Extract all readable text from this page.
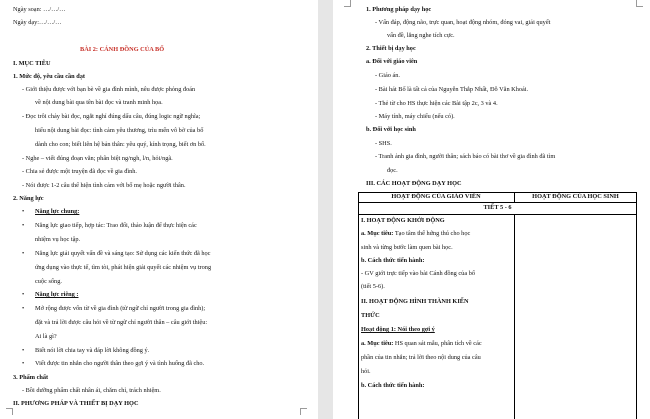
Ngày soạn: …/…/…
Ngày dạy:…/…/…
BÀI 2: CÁNH ĐỒNG CỦA BỐ
I. MỤC TIÊU
1. Mức độ, yêu cầu cần đạt
- Giới thiệu được với bạn bè về gia đình mình, nêu được phỏng đoán
về nội dung bài qua tên bài đọc và tranh minh họa.
- Đọc trôi chảy bài đọc, ngắt nghỉ đúng dấu câu, đúng logic ngữ nghĩa;
hiểu nội dung bài đọc: tình cảm yêu thương, trìu mến vô bờ của bố
dành cho con; biết liên hệ bản thân: yêu quý, kính trọng, biết ơn bố.
- Nghe – viết đúng đoạn văn; phân biệt ng/ngh, l/n, hỏi/ngã.
- Chia sẻ được một truyện đã đọc về gia đình.
- Nói được 1-2 câu thể hiện tình cảm với bố mẹ hoặc người thân.
2. Năng lực
• Năng lực chung:
• Năng lực giao tiếp, hợp tác: Trao đổi, thảo luận để thực hiện các
nhiệm vụ học tập.
• Năng lực giải quyết vấn đề và sáng tạo: Sử dụng các kiến thức đã học
ứng dụng vào thực tế, tìm tòi, phát hiện giải quyết các nhiệm vụ trong
cuộc sống.
• Năng lực riêng :
• Mở rộng được vốn từ về gia đình (từ ngữ chỉ người trong gia đình);
đặt và trả lời được câu hỏi về từ ngữ chỉ người thân – câu giới thiệu:
Ai là gì?
• Biết nói lời chia tay và đáp lời không đồng ý.
• Viết được tin nhắn cho người thân theo gợi ý và tình huống đã cho.
3. Phẩm chất
- Bồi dưỡng phẩm chất nhân ái, chăm chỉ, trách nhiệm.
II. PHƯƠNG PHÁP VÀ THIẾT BỊ DẠY HỌC
1. Phương pháp dạy học
- Vấn đáp, động não, trực quan, hoạt động nhóm, đóng vai, giải quyết
vấn đề, lắng nghe tích cực.
2. Thiết bị dạy học
a. Đối với giáo viên
- Giáo án.
- Bài hát Bố là tất cả của Nguyễn Thắp Nhất, Đỗ Văn Khoái.
- Thẻ từ cho HS thực hiện các Bài tập 2c, 3 và 4.
- Máy tính, máy chiếu (nếu có).
b. Đối với học sinh
- SHS.
- Tranh ảnh gia đình, người thân; sách báo có bài thơ về gia đình đã tìm
đọc.
III. CÁC HOẠT ĐỘNG DẠY HỌC
HOẠT ĐỘNG CỦA GIÁO VIÊN	HOẠT ĐỘNG CỦA HỌC SINH
TIẾT 5 - 6
I. HOẠT ĐỘNG KHỞI ĐỘNG
a. Mục tiêu: Tạo tâm thế hứng thú cho học
sinh và từng bước làm quen bài học.
b. Cách thức tiến hành:
- GV giới trực tiếp vào bài Cánh đồng của bố
(tiết 5-6).
II. HOẠT ĐỘNG HÌNH THÀNH KIẾN
THỨC
Hoạt động 1: Nói theo gợi ý
a. Mục tiêu: HS quan sát mẫu, phân tích về các
phần của tin nhắn; trả lời theo nội dung của câu
hỏi.
b. Cách thức tiến hành:
